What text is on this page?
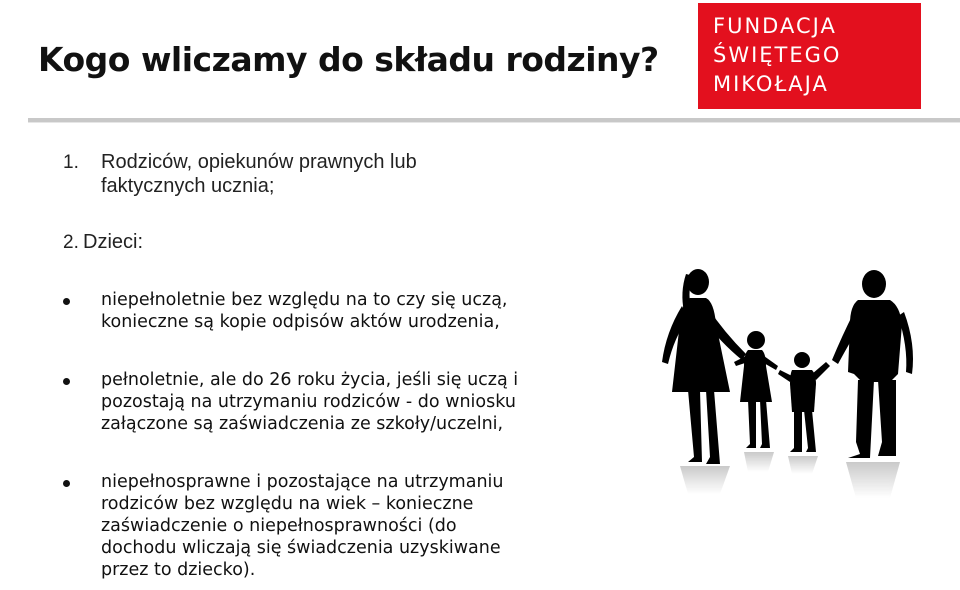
Kogo wliczamy do składu rodziny?
FUNDACJA
ŚWIĘTEGO
MIKOŁAJA
1. Rodziców, opiekunów prawnych lub
faktycznych ucznia;
2. Dzieci:
niepełnoletnie bez względu na to czy się uczą,
konieczne są kopie odpisów aktów urodzenia,
pełnoletnie, ale do 26 roku życia, jeśli się uczą i
pozostają na utrzymaniu rodziców - do wniosku
załączone są zaświadczenia ze szkoły/uczelni,
niepełnosprawne i pozostające na utrzymaniu
rodziców bez względu na wiek – konieczne
zaświadczenie o niepełnosprawności (do
dochodu wliczają się świadczenia uzyskiwane
przez to dziecko).
